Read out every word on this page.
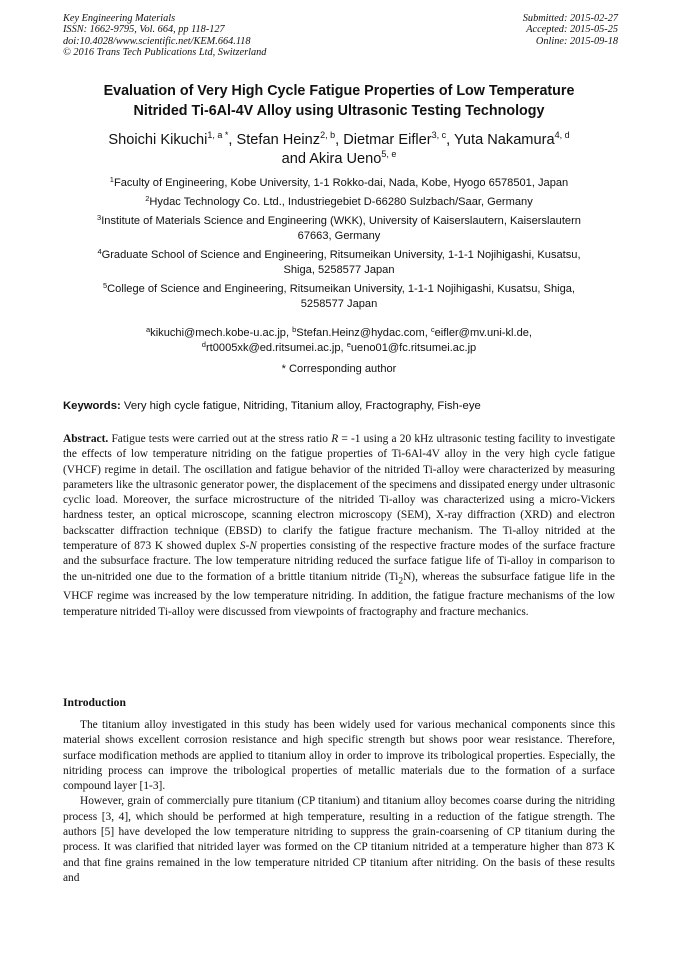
Key Engineering Materials
ISSN: 1662-9795, Vol. 664, pp 118-127
doi:10.4028/www.scientific.net/KEM.664.118
© 2016 Trans Tech Publications Ltd, Switzerland
Submitted: 2015-02-27
Accepted: 2015-05-25
Online: 2015-09-18
Evaluation of Very High Cycle Fatigue Properties of Low Temperature
Nitrided Ti-6Al-4V Alloy using Ultrasonic Testing Technology
Shoichi Kikuchi$^{1, a *}$, Stefan Heinz$^{2, b}$, Dietmar Eifler$^{3, c}$, Yuta Nakamura$^{4, d}$
and Akira Ueno$^{5, e}$
$^1$Faculty of Engineering, Kobe University, 1-1 Rokko-dai, Nada, Kobe, Hyogo 6578501, Japan
$^2$Hydac Technology Co. Ltd., Industriegebiet D-66280 Sulzbach/Saar, Germany
$^3$Institute of Materials Science and Engineering (WKK), University of Kaiserslautern, Kaiserslautern
67663, Germany
$^4$Graduate School of Science and Engineering, Ritsumeikan University, 1-1-1 Nojihigashi, Kusatsu,
Shiga, 5258577 Japan
$^5$College of Science and Engineering, Ritsumeikan University, 1-1-1 Nojihigashi, Kusatsu, Shiga,
5258577 Japan
$^a$kikuchi@mech.kobe-u.ac.jp, $^b$Stefan.Heinz@hydac.com, $^c$eifler@mv.uni-kl.de,
$^d$rt0005xk@ed.ritsumei.ac.jp, $^e$ueno01@fc.ritsumei.ac.jp
* Corresponding author
Keywords: Very high cycle fatigue, Nitriding, Titanium alloy, Fractography, Fish-eye
Abstract. Fatigue tests were carried out at the stress ratio R = -1 using a 20 kHz ultrasonic testing facility to investigate the effects of low temperature nitriding on the fatigue properties of Ti-6Al-4V alloy in the very high cycle fatigue (VHCF) regime in detail. The oscillation and fatigue behavior of the nitrided Ti-alloy were characterized by measuring parameters like the ultrasonic generator power, the displacement of the specimens and dissipated energy under ultrasonic cyclic load. Moreover, the surface microstructure of the nitrided Ti-alloy was characterized using a micro-Vickers hardness tester, an optical microscope, scanning electron microscopy (SEM), X-ray diffraction (XRD) and electron backscatter diffraction technique (EBSD) to clarify the fatigue fracture mechanism. The Ti-alloy nitrided at the temperature of 873 K showed duplex S-N properties consisting of the respective fracture modes of the surface fracture and the subsurface fracture. The low temperature nitriding reduced the surface fatigue life of Ti-alloy in comparison to the un-nitrided one due to the formation of a brittle titanium nitride $(Ti_2N)$, whereas the subsurface fatigue life in the VHCF regime was increased by the low temperature nitriding. In addition, the fatigue fracture mechanisms of the low temperature nitrided Ti-alloy were discussed from viewpoints of fractography and fracture mechanics.
Introduction

The titanium alloy investigated in this study has been widely used for various mechanical components since this material shows excellent corrosion resistance and high specific strength but shows poor wear resistance. Therefore, surface modification methods are applied to titanium alloy in order to improve its tribological properties. Especially, the nitriding process can improve the tribological properties of metallic materials due to the formation of a surface compound layer [1-3].

However, grain of commercially pure titanium (CP titanium) and titanium alloy becomes coarse during the nitriding process [3, 4], which should be performed at high temperature, resulting in a reduction of the fatigue strength. The authors [5] have developed the low temperature nitriding to suppress the grain-coarsening of CP titanium during the process. It was clarified that nitrided layer was formed on the CP titanium nitrided at a temperature higher than 873 K and that fine grains remained in the low temperature nitrided CP titanium after nitriding. On the basis of these results and
